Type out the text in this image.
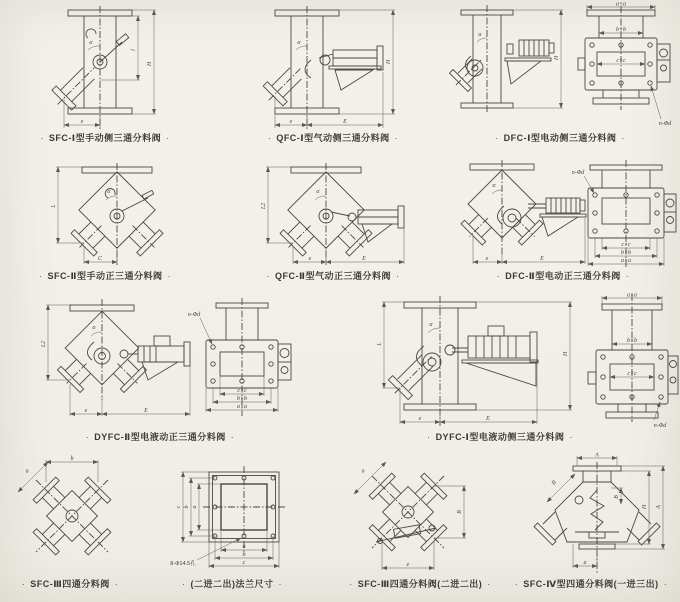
α
l
H
e
α
H
e	E
α
H
a×a
b×b
c×c
n-Φd
· SFC-Ⅰ型手动侧三通分料阀 ·	· QFC-Ⅰ型气动侧三通分料阀 ·	· DFC-Ⅰ型电动侧三通分料阀 ·
α
L
C
α
L2
e	E
α
e	E
n-Φd
c×c
b×b
a×a
· SFC-Ⅱ型手动正三通分料阀 ·	· QFC-Ⅱ型气动正三通分料阀 ·	· DFC-Ⅱ型电动正三通分料阀 ·
α
L2
e	E
n-Φd
c×c
b×b
a×a
α
L
H
e	E
a×a
b×b
c×c
n-Φd
· DYFC-Ⅱ型电液动正三通分料阀 ·	· DYFC-Ⅰ型电液动侧三通分料阀 ·
b
a
a
b
c
a
b
c
8-Φ14.5孔
a
B
e
A
B
B
H A
a
· SFC-Ⅲ四通分料阀 ·	· (二进二出)法兰尺寸 ·	· SFC-Ⅲ四通分料阀(二进二出) ·	· SFC-Ⅳ型四通分料阀(一进三出) ·
